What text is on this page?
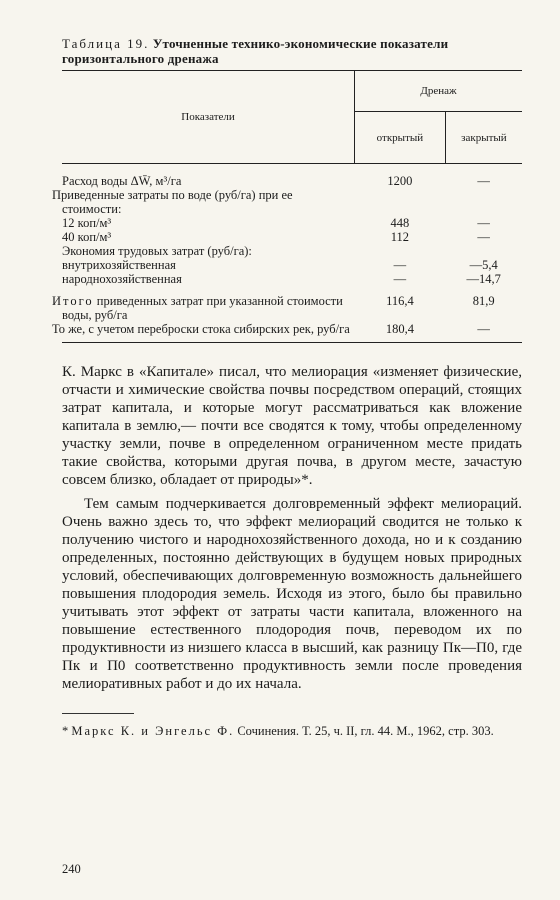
Таблица 19. Уточненные технико-экономические показатели
горизонтального дренажа
Показатели	Дренаж	
	открытый	закрытый
Расход воды ΔW̄, м³/га	1200	—
Приведенные затраты по воде (руб/га) при ее стоимости:		
12 коп/м³	448	—
40 коп/м³	112	—
Экономия трудовых затрат (руб/га):		
внутрихозяйственная	—	—5,4
народнохозяйственная	—	—14,7
Итого приведенных затрат при указанной стоимости воды, руб/га	116,4	81,9
То же, с учетом переброски стока сибирских рек, руб/га	180,4	—

К. Маркс в «Капитале» писал, что мелиорация «изменяет физические, отчасти и химические свойства почвы посредством операций, стоящих затрат капитала, и которые могут рассматриваться как вложение капитала в землю,— почти все сводятся к тому, чтобы определенному участку земли, почве в определенном ограниченном месте придать такие свойства, которыми другая почва, в другом месте, зачастую совсем близко, обладает от природы»*.

Тем самым подчеркивается долговременный эффект мелиораций. Очень важно здесь то, что эффект мелиораций сводится не только к получению чистого и народнохозяйственного дохода, но и к созданию определенных, постоянно действующих в будущем новых природных условий, обеспечивающих долговременную возможность дальнейшего повышения плодородия земель. Исходя из этого, было бы правильно учитывать этот эффект от затраты части капитала, вложенного на повышение естественного плодородия почв, переводом их по продуктивности из низшего класса в высший, как разницу Пк—П0, где Пк и П0 соответственно продуктивность земли после проведения мелиоративных работ и до их начала.

* Маркс К. и Энгельс Ф. Сочинения. Т. 25, ч. II, гл. 44. М., 1962, стр. 303.
240
